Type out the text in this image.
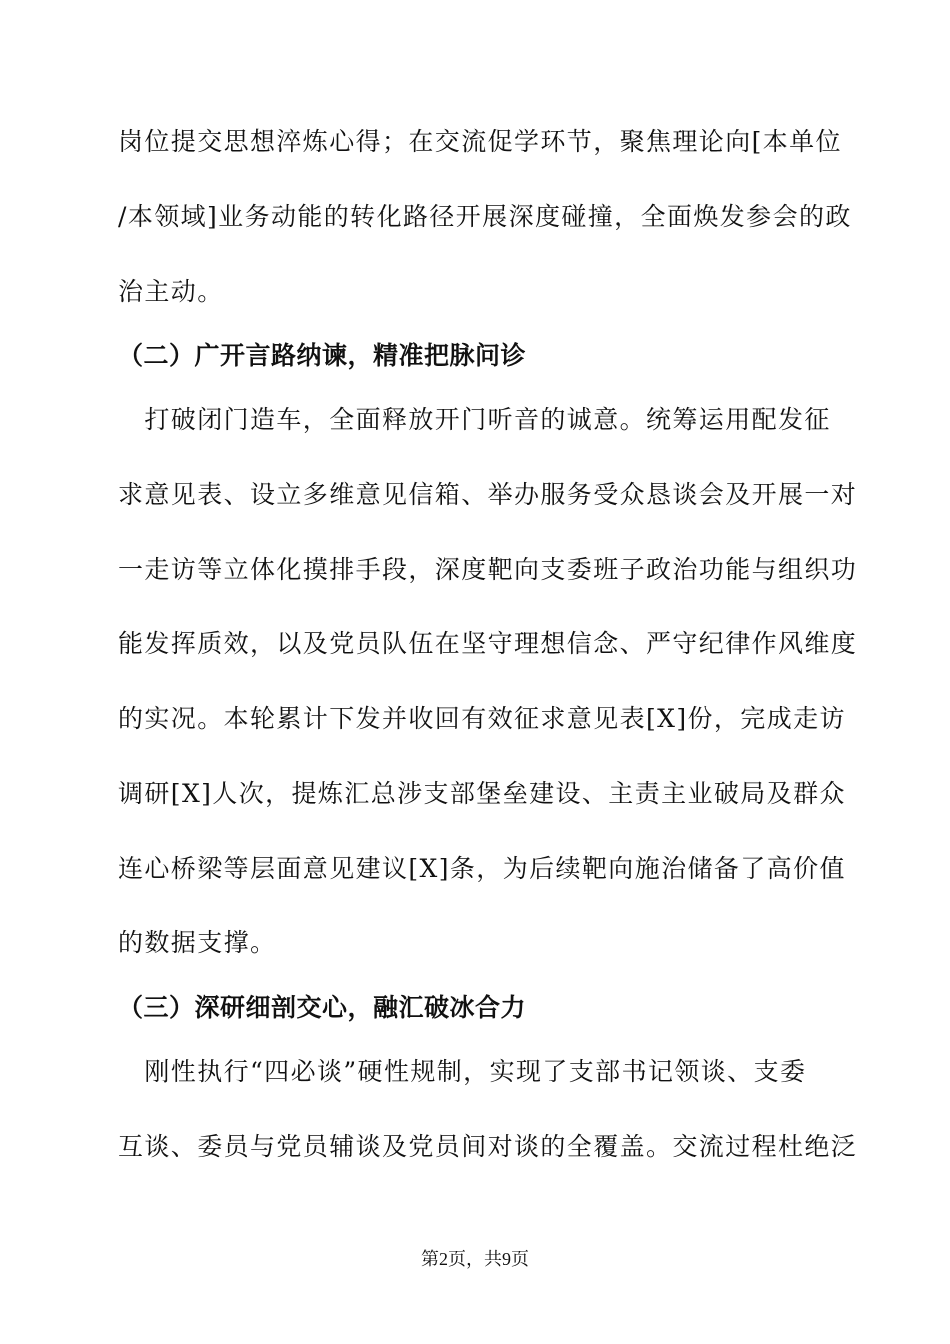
岗位提交思想淬炼心得；在交流促学环节，聚焦理论向[本单位
/本领域]业务动能的转化路径开展深度碰撞，全面焕发参会的政
治主动。
（二）广开言路纳谏，精准把脉问诊
　打破闭门造车，全面释放开门听音的诚意。统筹运用配发征
求意见表、设立多维意见信箱、举办服务受众恳谈会及开展一对
一走访等立体化摸排手段，深度靶向支委班子政治功能与组织功
能发挥质效，以及党员队伍在坚守理想信念、严守纪律作风维度
的实况。本轮累计下发并收回有效征求意见表[X]份，完成走访
调研[X]人次，提炼汇总涉支部堡垒建设、主责主业破局及群众
连心桥梁等层面意见建议[X]条，为后续靶向施治储备了高价值
的数据支撑。
（三）深研细剖交心，融汇破冰合力
　刚性执行“四必谈”硬性规制，实现了支部书记领谈、支委
互谈、委员与党员辅谈及党员间对谈的全覆盖。交流过程杜绝泛
第2页，共9页
